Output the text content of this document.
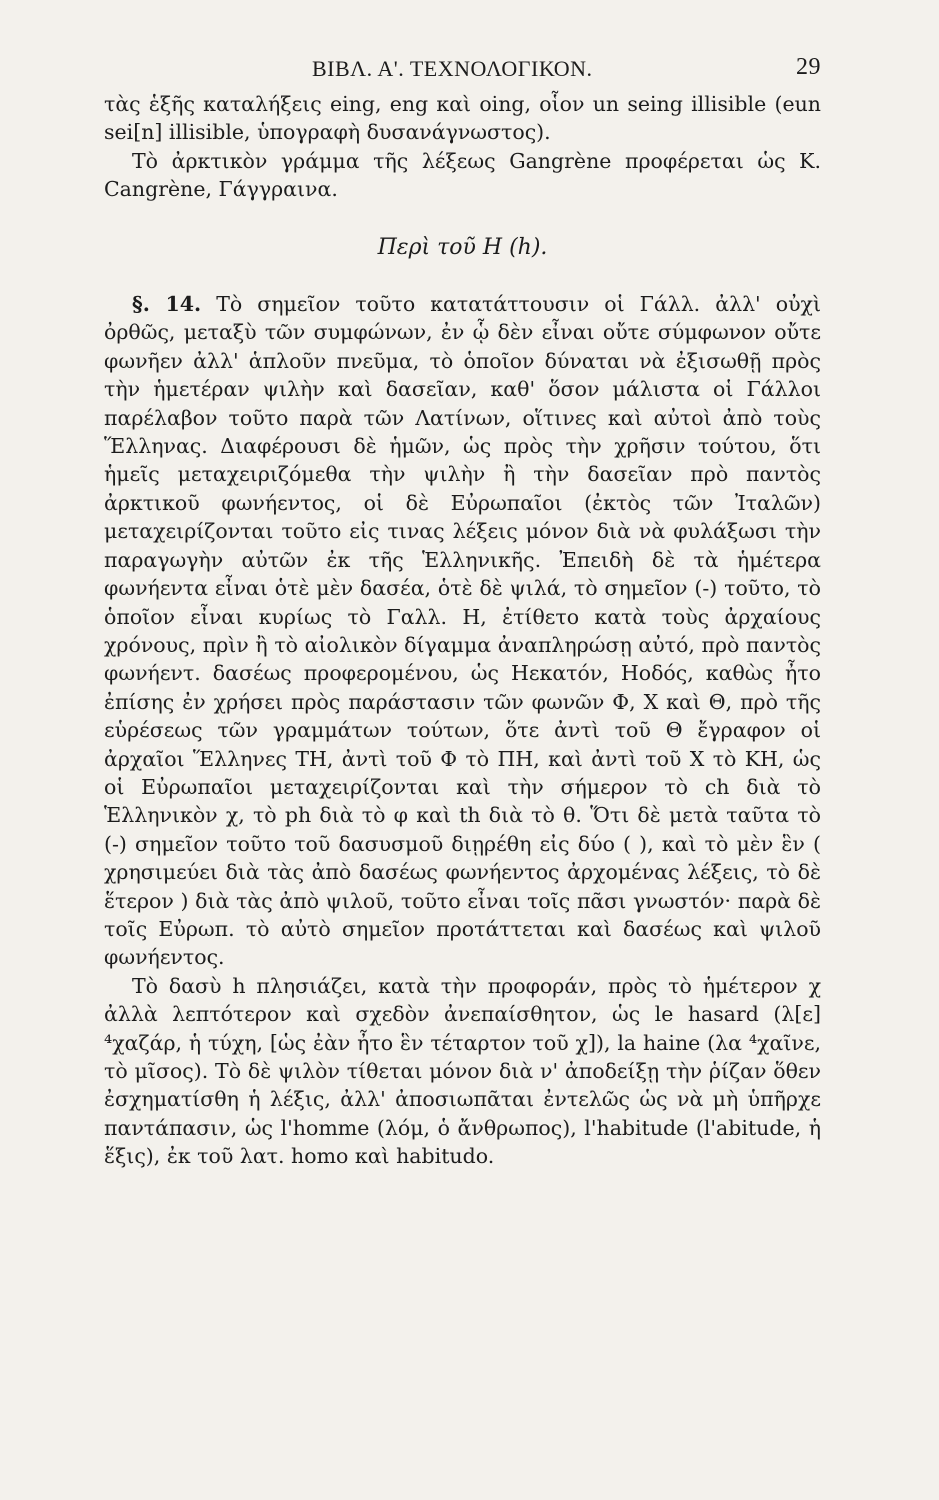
ΒΙΒΛ. Α'. ΤΕΧΝΟΛΟΓΙΚΟΝ.	29

τὰς ἑξῆς καταλήξεις eing, eng καὶ oing, οἷον un seing illisible (eun sei[n] illisible, ὑπογραφὴ δυσανάγνωστος).

Τὸ ἀρκτικὸν γράμμα τῆς λέξεως Gangrène προφέρεται ὡς Κ. Cangrène, Γάγγραινα.

Περὶ τοῦ Η (h).

§. 14. Τὸ σημεῖον τοῦτο κατατάττουσιν οἱ Γάλλ. ἀλλ' οὐχὶ ὀρθῶς, μεταξὺ τῶν συμφώνων, ἐν ᾧ δὲν εἶναι οὔτε σύμφωνον οὔτε φωνῆεν ἀλλ' ἁπλοῦν πνεῦμα, τὸ ὁποῖον δύναται νὰ ἐξισωθῇ πρὸς τὴν ἡμετέραν ψιλὴν καὶ δασεῖαν, καθ' ὅσον μάλιστα οἱ Γάλλοι παρέλαβον τοῦτο παρὰ τῶν Λατίνων, οἵτινες καὶ αὐτοὶ ἀπὸ τοὺς Ἕλληνας. Διαφέρουσι δὲ ἡμῶν, ὡς πρὸς τὴν χρῆσιν τούτου, ὅτι ἡμεῖς μεταχειριζόμεθα τὴν ψιλὴν ἢ τὴν δασεῖαν πρὸ παντὸς ἀρκτικοῦ φωνήεντος, οἱ δὲ Εὐρωπαῖοι (ἐκτὸς τῶν Ἰταλῶν) μεταχειρίζονται τοῦτο εἰς τινας λέξεις μόνον διὰ νὰ φυλάξωσι τὴν παραγωγὴν αὐτῶν ἐκ τῆς Ἑλληνικῆς. Ἐπειδὴ δὲ τὰ ἡμέτερα φωνήεντα εἶναι ὁτὲ μὲν δασέα, ὁτὲ δὲ ψιλά, τὸ σημεῖον (-) τοῦτο, τὸ ὁποῖον εἶναι κυρίως τὸ Γαλλ. Η, ἐτίθετο κατὰ τοὺς ἀρχαίους χρόνους, πρὶν ἢ τὸ αἰολικὸν δίγαμμα ἀναπληρώσῃ αὐτό, πρὸ παντὸς φωνήεντ. δασέως προφερομένου, ὡς Ηεκατόν, Ηοδός, καθὼς ἦτο ἐπίσης ἐν χρήσει πρὸς παράστασιν τῶν φωνῶν Φ, Χ καὶ Θ, πρὸ τῆς εὑρέσεως τῶν γραμμάτων τούτων, ὅτε ἀντὶ τοῦ Θ ἔγραφον οἱ ἀρχαῖοι Ἕλληνες ΤΗ, ἀντὶ τοῦ Φ τὸ ΠΗ, καὶ ἀντὶ τοῦ Χ τὸ ΚΗ, ὡς οἱ Εὐρωπαῖοι μεταχειρίζονται καὶ τὴν σήμερον τὸ ch διὰ τὸ Ἑλληνικὸν χ, τὸ ph διὰ τὸ φ καὶ th διὰ τὸ θ. Ὅτι δὲ μετὰ ταῦτα τὸ (-) σημεῖον τοῦτο τοῦ δασυσμοῦ διῃρέθη εἰς δύο ( ), καὶ τὸ μὲν ἓν ( χρησιμεύει διὰ τὰς ἀπὸ δασέως φωνήεντος ἀρχομένας λέξεις, τὸ δὲ ἕτερον ) διὰ τὰς ἀπὸ ψιλοῦ, τοῦτο εἶναι τοῖς πᾶσι γνωστόν· παρὰ δὲ τοῖς Εὐρωπ. τὸ αὐτὸ σημεῖον προτάττεται καὶ δασέως καὶ ψιλοῦ φωνήεντος.

Τὸ δασὺ h πλησιάζει, κατὰ τὴν προφοράν, πρὸς τὸ ἡμέτερον χ ἀλλὰ λεπτότερον καὶ σχεδὸν ἀνεπαίσθητον, ὡς le hasard (λ[ε] ⁴χαζάρ, ἡ τύχη, [ὡς ἐὰν ἦτο ἓν τέταρτον τοῦ χ]), la haine (λα ⁴χαῖνε, τὸ μῖσος). Τὸ δὲ ψιλὸν τίθεται μόνον διὰ ν' ἀποδείξῃ τὴν ῥίζαν ὅθεν ἐσχηματίσθη ἡ λέξις, ἀλλ' ἀποσιωπᾶται ἐντελῶς ὡς νὰ μὴ ὑπῆρχε παντάπασιν, ὡς l'homme (λόμ, ὁ ἄνθρωπος), l'habitude (l'abitude, ἡ ἕξις), ἐκ τοῦ λατ. homo καὶ habitudo.
